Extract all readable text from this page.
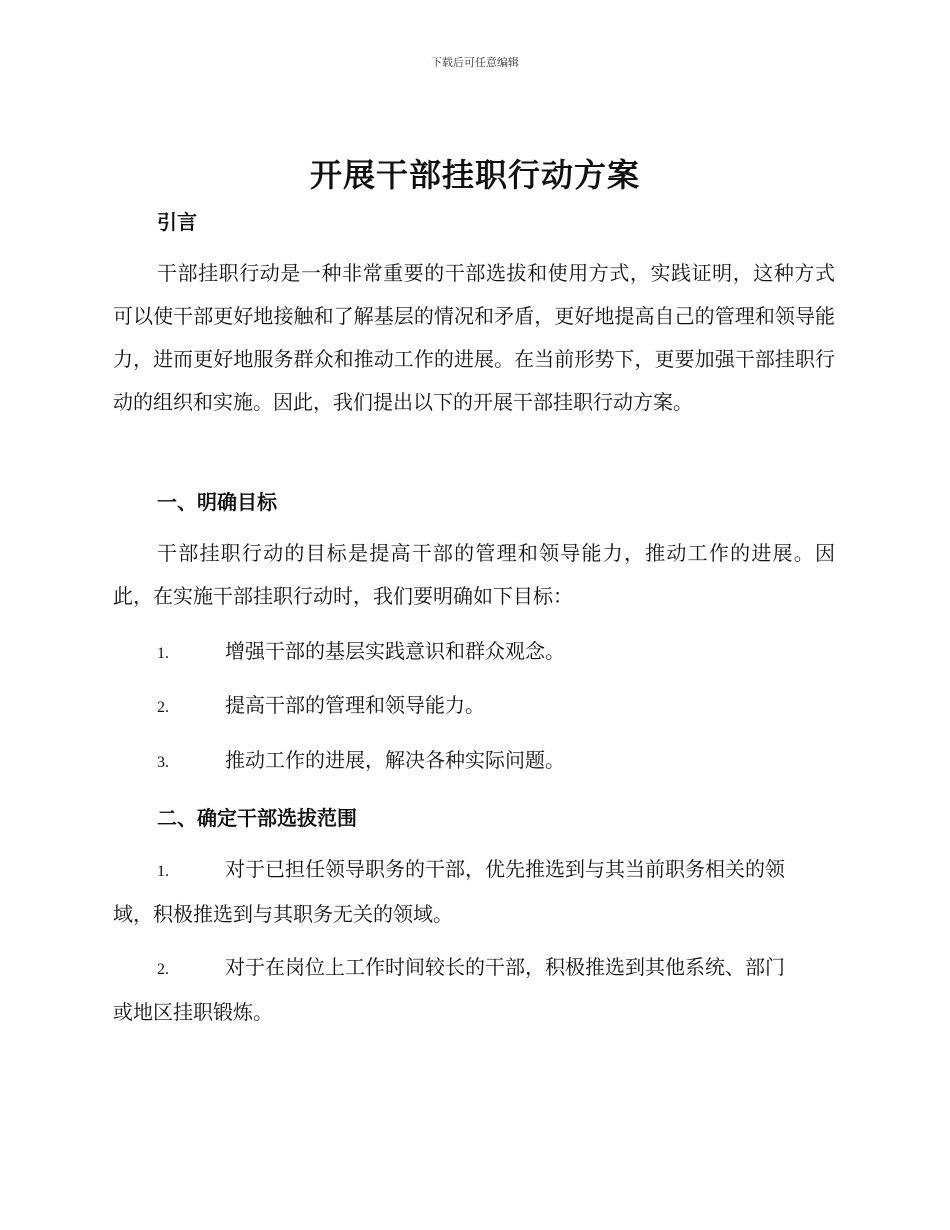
下载后可任意编辑
开展干部挂职行动方案
引言

干部挂职行动是一种非常重要的干部选拔和使用方式，实践证明，这种方式可以使干部更好地接触和了解基层的情况和矛盾，更好地提高自己的管理和领导能力，进而更好地服务群众和推动工作的进展。在当前形势下，更要加强干部挂职行动的组织和实施。因此，我们提出以下的开展干部挂职行动方案。

一、明确目标

干部挂职行动的目标是提高干部的管理和领导能力，推动工作的进展。因此，在实施干部挂职行动时，我们要明确如下目标：

1.	增强干部的基层实践意识和群众观念。
2.	提高干部的管理和领导能力。
3.	推动工作的进展，解决各种实际问题。
二、确定干部选拔范围
1.	对于已担任领导职务的干部，优先推选到与其当前职务相关的领
域，积极推选到与其职务无关的领域。
2.	对于在岗位上工作时间较长的干部，积极推选到其他系统、部门
或地区挂职锻炼。
